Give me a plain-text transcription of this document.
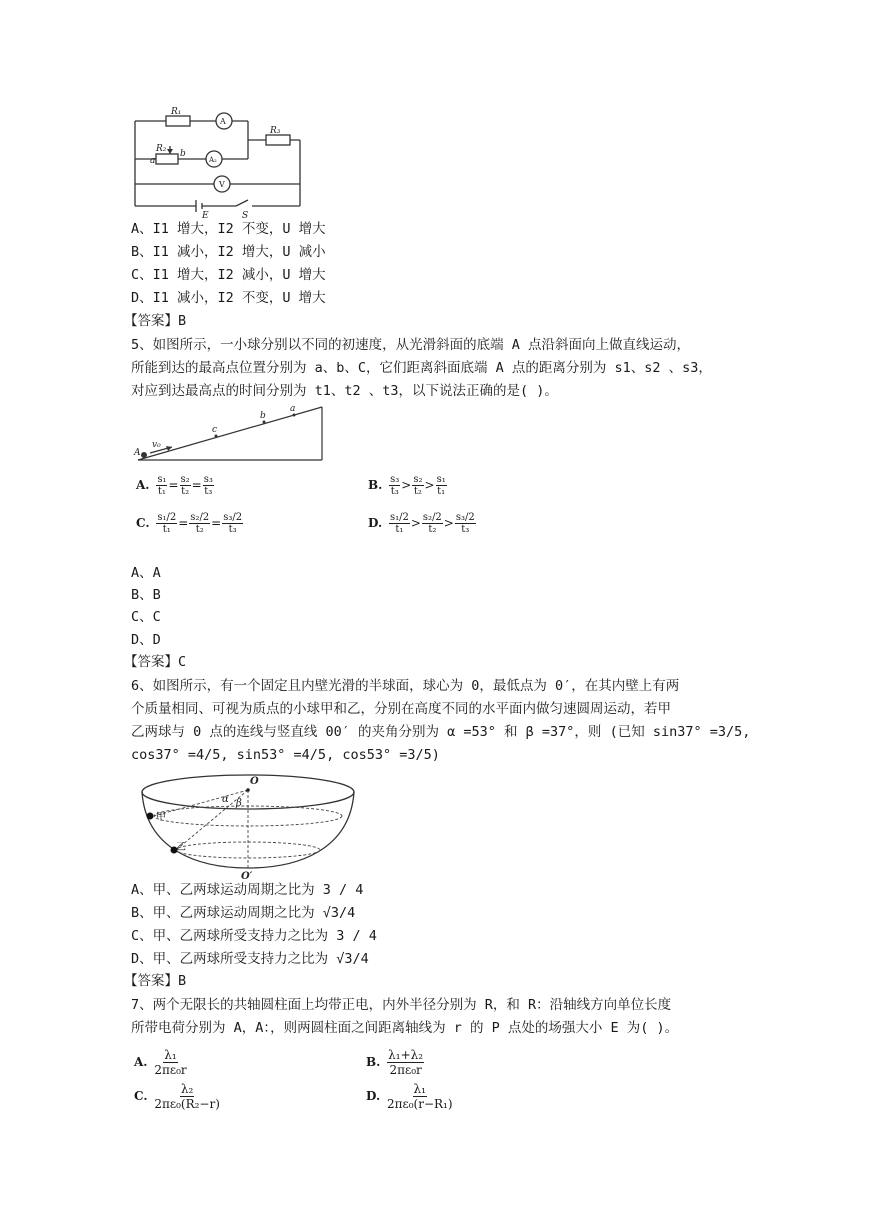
R₁
A
R₃
R₂ b
a	A₂
V
E	S
A、I1 增大，I2 不变，U 增大
B、I1 减小，I2 增大，U 减小
C、I1 增大，I2 减小，U 增大
D、I1 减小，I2 不变，U 增大
【答案】B
5、如图所示，一小球分别以不同的初速度，从光滑斜面的底端 A 点沿斜面向上做直线运动，
所能到达的最高点位置分别为 a、b、C，它们距离斜面底端 A 点的距离分别为 s1、s2 、s3，
对应到达最高点的时间分别为 t1、t2 、t3，以下说法正确的是( )。
A
v₀
c
b
a
A. $\frac{\text{s₁}}{\text{t₁}} = \frac{\text{s₂}}{\text{t₂}} = \frac{\text{s₃}}{\text{t₃}}$	B. $\frac{\text{s₃}}{\text{t₃}} > \frac{\text{s₂}}{\text{t₂}} > \frac{\text{s₁}}{\text{t₁}}$
C. $\frac{\text{s₁/2}}{\text{t₁}} = \frac{\text{s₂/2}}{\text{t₂}} = \frac{\text{s₃/2}}{\text{t₃}}$	D. $\frac{\text{s₁/2}}{\text{t₁}} > \frac{\text{s₂/2}}{\text{t₂}} > \frac{\text{s₃/2}}{\text{t₃}}$
A、A
B、B
C、C
D、D
【答案】C
6、如图所示，有一个固定且内壁光滑的半球面，球心为 0，最低点为 0′，在其内壁上有两
个质量相同、可视为质点的小球甲和乙，分别在高度不同的水平面内做匀速圆周运动，若甲
乙两球与 0 点的连线与竖直线 00′ 的夹角分别为 α =53° 和 β =37°，则 (已知 sin37° =3/5,
cos37° =4/5, sin53° =4/5, cos53° =3/5)
O
α β
甲
乙
O′
A、甲、乙两球运动周期之比为 3 / 4
B、甲、乙两球运动周期之比为 √3/4
C、甲、乙两球所受支持力之比为 3 / 4
D、甲、乙两球所受支持力之比为 √3/4
【答案】B
7、两个无限长的共轴圆柱面上均带正电，内外半径分别为 R，和 R：沿轴线方向单位长度
所带电荷分别为 A，A：，则两圆柱面之间距离轴线为 r 的 P 点处的场强大小 E 为( )。
A. $\frac{\text{λ₁}}{\text{2πε₀r}}$	B. $\frac{\text{λ₁+λ₂}}{\text{2πε₀r}}$
C. $\frac{\text{λ₂}}{\text{2πε₀(R₂−r)}}$	D. $\frac{\text{λ₁}}{\text{2πε₀(r−R₁)}}$
